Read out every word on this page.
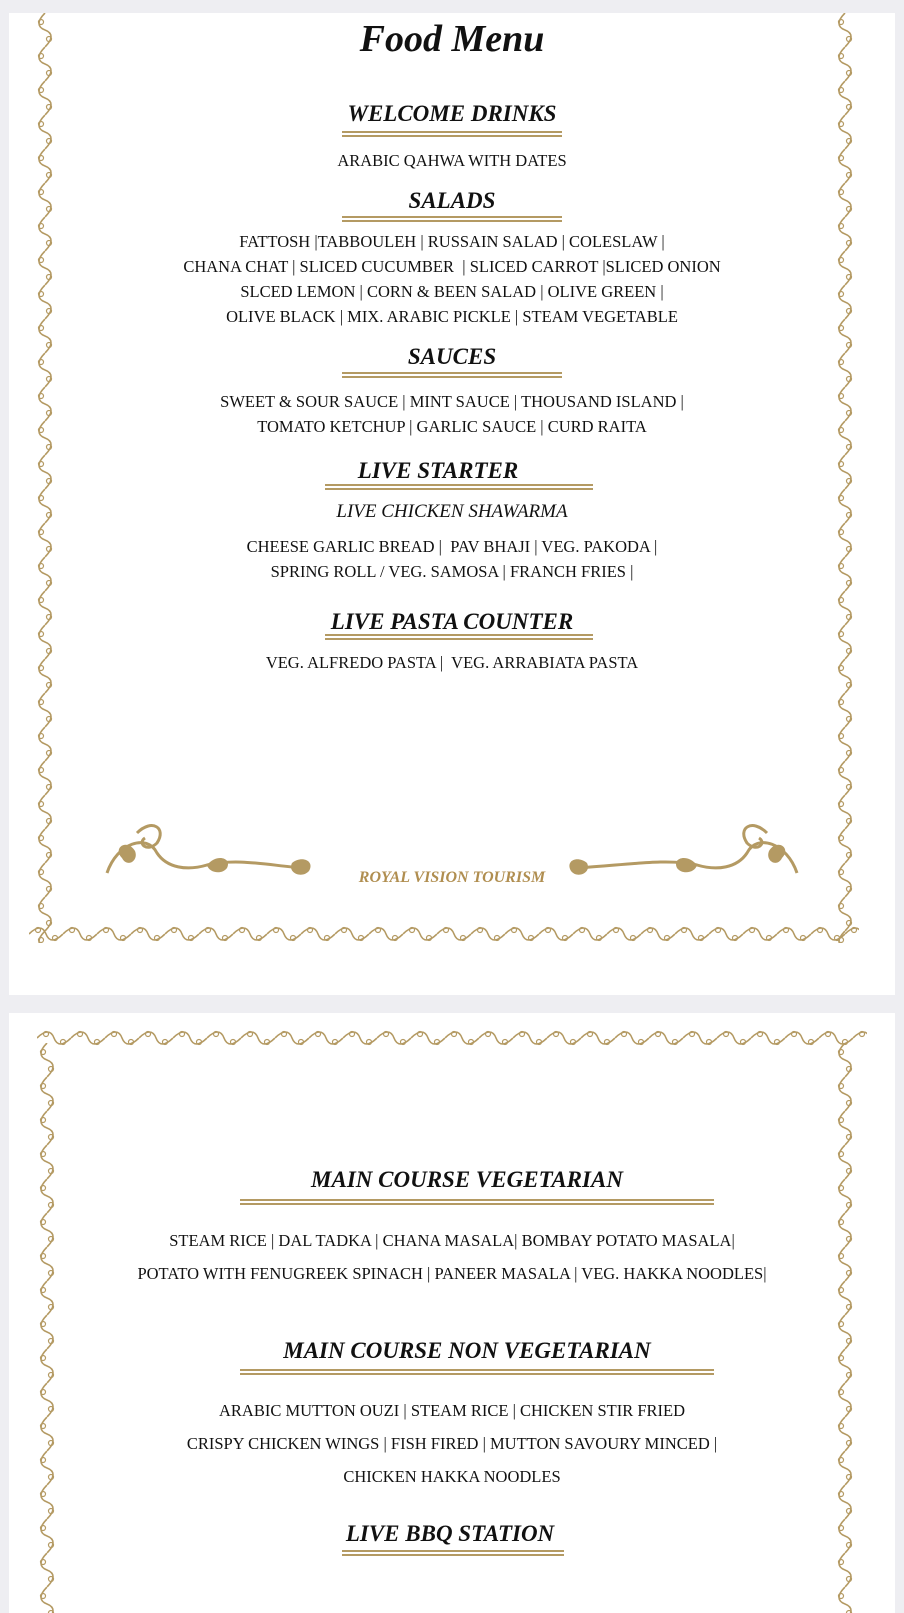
Food Menu
WELCOME DRINKS
ARABIC QAHWA WITH DATES
SALADS
FATTOSH |TABBOULEH | RUSSAIN SALAD | COLESLAW |
CHANA CHAT | SLICED CUCUMBER  | SLICED CARROT |SLICED ONION
SLCED LEMON | CORN & BEEN SALAD | OLIVE GREEN |
OLIVE BLACK | MIX. ARABIC PICKLE | STEAM VEGETABLE
SAUCES
SWEET & SOUR SAUCE | MINT SAUCE | THOUSAND ISLAND |
TOMATO KETCHUP | GARLIC SAUCE | CURD RAITA
LIVE STARTER
LIVE CHICKEN SHAWARMA
CHEESE GARLIC BREAD |  PAV BHAJI | VEG. PAKODA |
SPRING ROLL / VEG. SAMOSA | FRANCH FRIES |
LIVE PASTA COUNTER
VEG. ALFREDO PASTA |  VEG. ARRABIATA PASTA
ROYAL VISION TOURISM
MAIN COURSE VEGETARIAN
STEAM RICE | DAL TADKA | CHANA MASALA| BOMBAY POTATO MASALA|
POTATO WITH FENUGREEK SPINACH | PANEER MASALA | VEG. HAKKA NOODLES|
MAIN COURSE NON VEGETARIAN
ARABIC MUTTON OUZI | STEAM RICE | CHICKEN STIR FRIED
CRISPY CHICKEN WINGS | FISH FIRED | MUTTON SAVOURY MINCED |
CHICKEN HAKKA NOODLES
LIVE BBQ STATION
